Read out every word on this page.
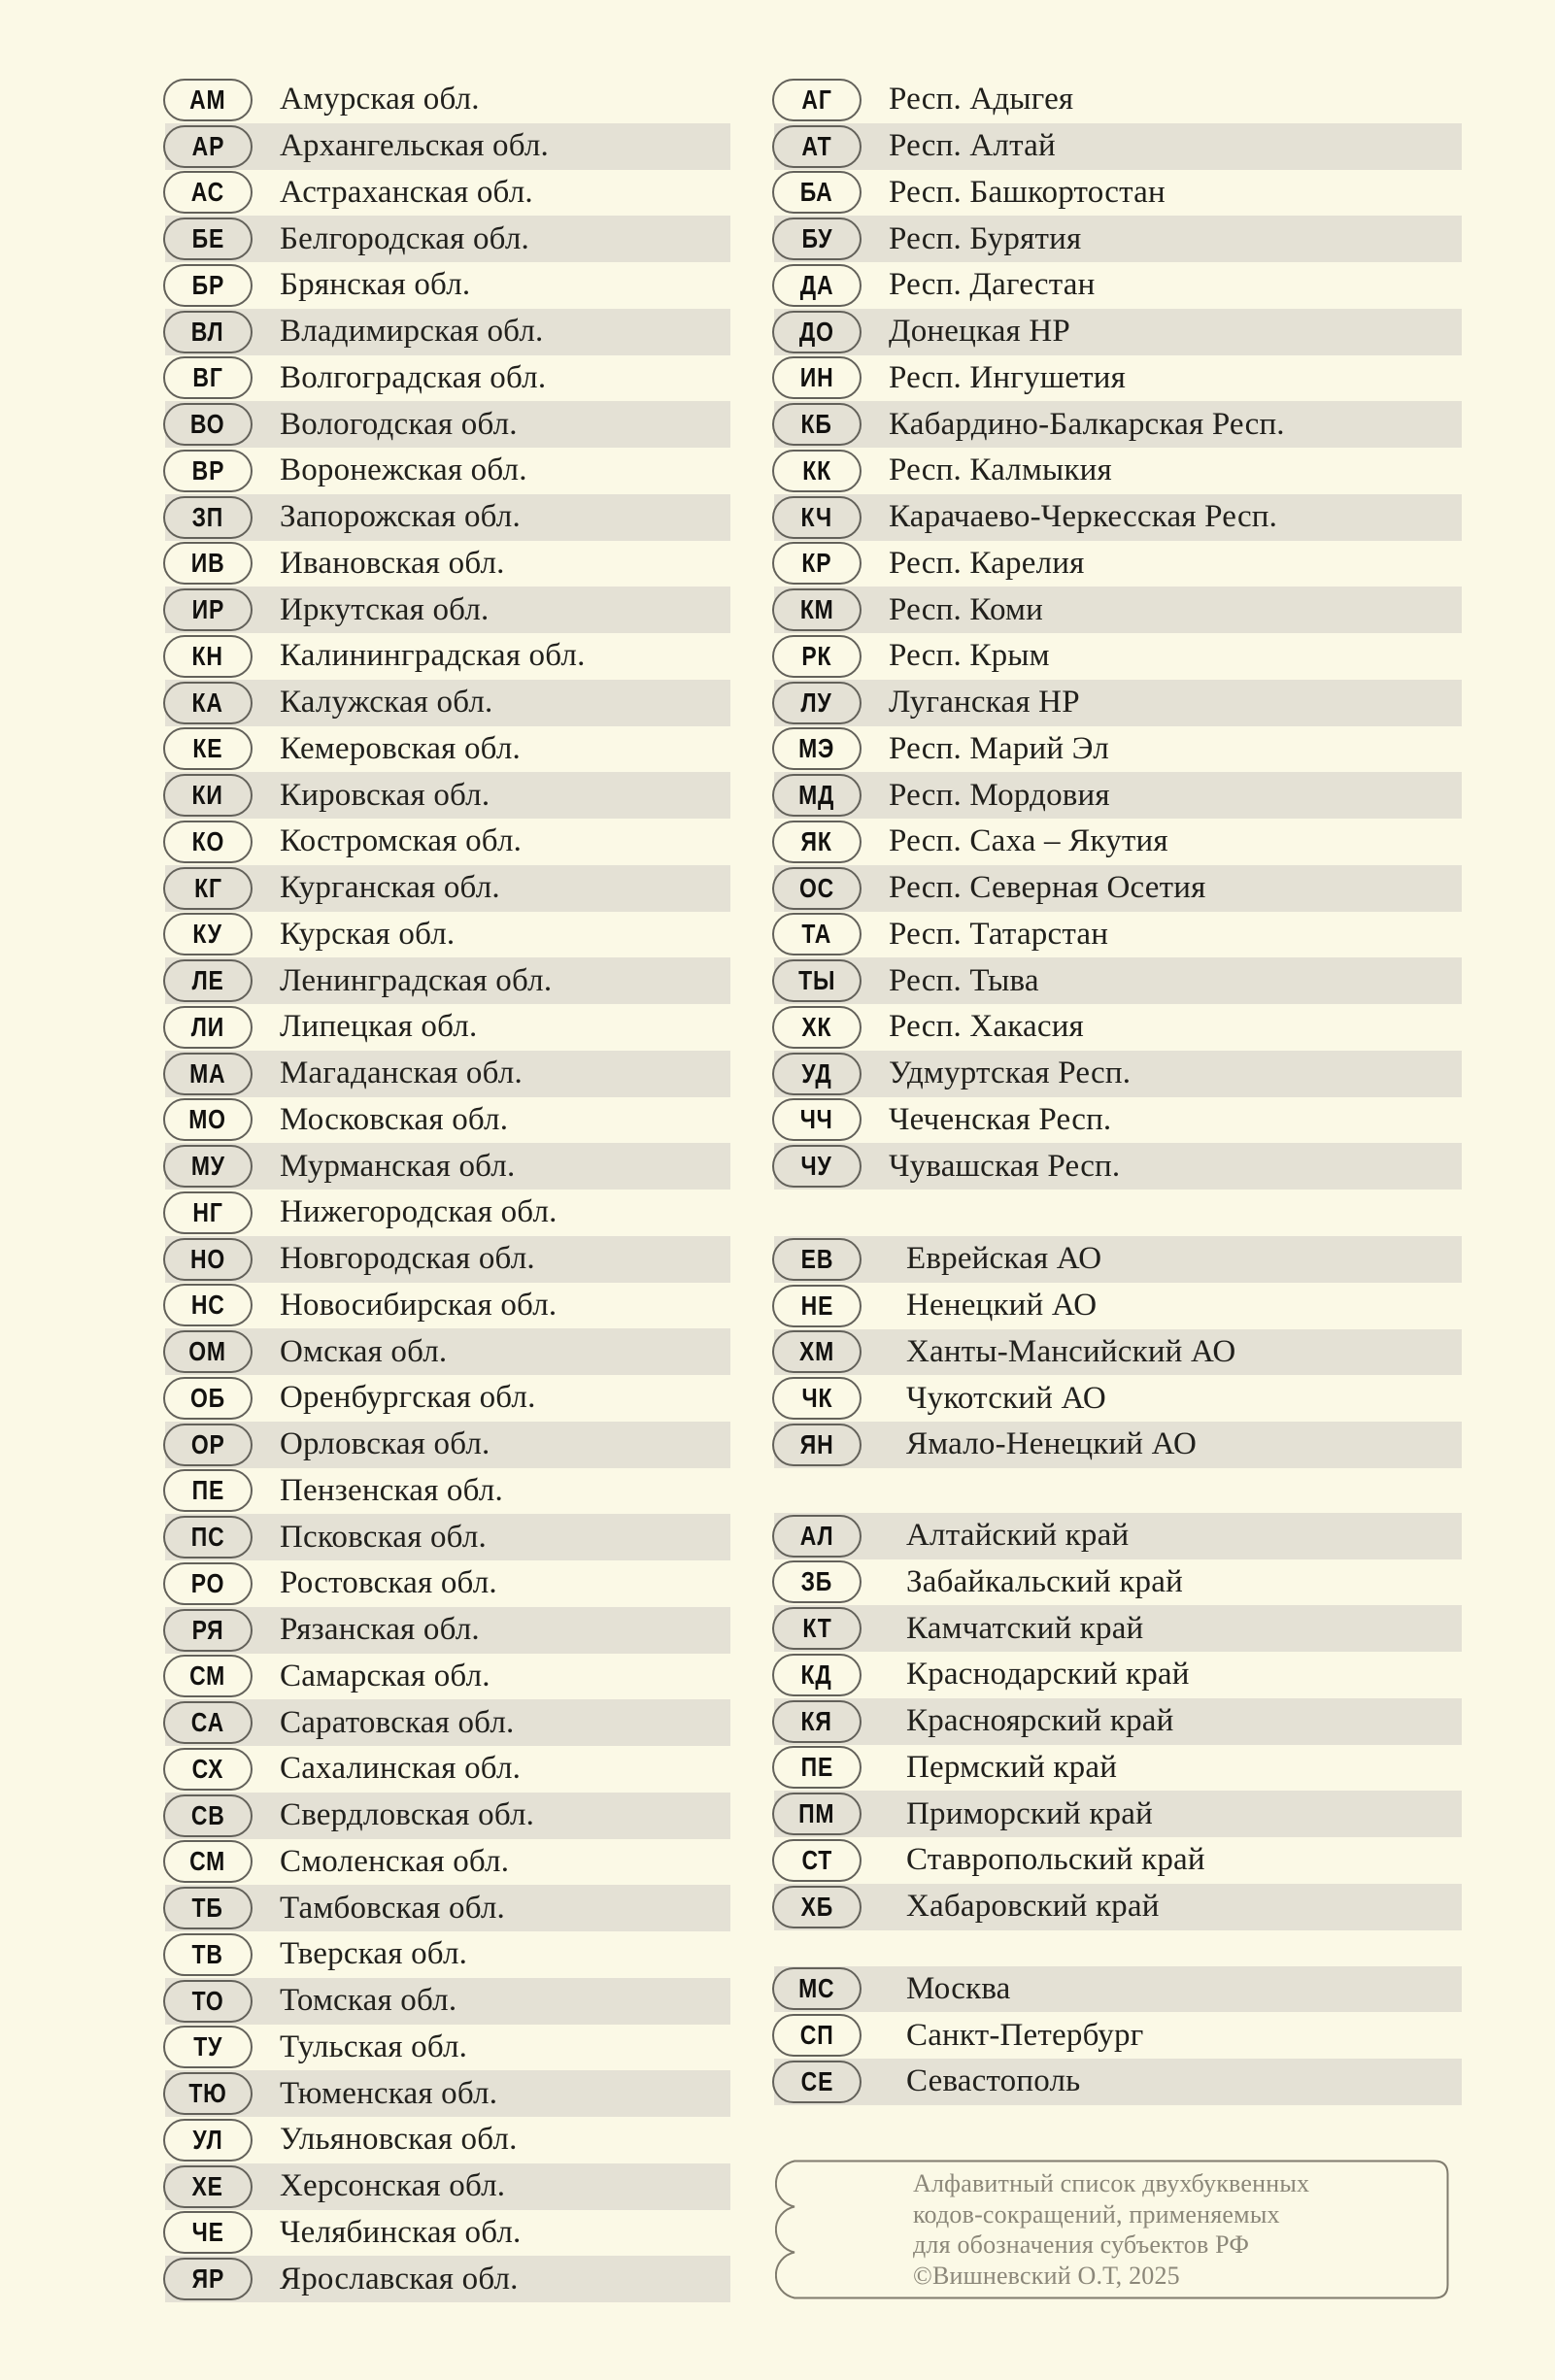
АМ Амурская обл.
АР Архангельская обл.
АС Астраханская обл.
БЕ Белгородская обл.
БР Брянская обл.
ВЛ Владимирская обл.
ВГ Волгоградская обл.
ВО Вологодская обл.
ВР Воронежская обл.
ЗП Запорожская обл.
ИВ Ивановская обл.
ИР Иркутская обл.
КН Калининградская обл.
КА Калужская обл.
КЕ Кемеровская обл.
КИ Кировская обл.
КО Костромская обл.
КГ Курганская обл.
КУ Курская обл.
ЛЕ Ленинградская обл.
ЛИ Липецкая обл.
МА Магаданская обл.
МО Московская обл.
МУ Мурманская обл.
НГ Нижегородская обл.
НО Новгородская обл.
НС Новосибирская обл.
ОМ Омская обл.
ОБ Оренбургская обл.
ОР Орловская обл.
ПЕ Пензенская обл.
ПС Псковская обл.
РО Ростовская обл.
РЯ Рязанская обл.
СМ Самарская обл.
СА Саратовская обл.
СХ Сахалинская обл.
СВ Свердловская обл.
СМ Смоленская обл.
ТБ Тамбовская обл.
ТВ Тверская обл.
ТО Томская обл.
ТУ Тульская обл.
ТЮ Тюменская обл.
УЛ Ульяновская обл.
ХЕ Херсонская обл.
ЧЕ Челябинская обл.
ЯР Ярославская обл.
АГ Респ. Адыгея
АТ Респ. Алтай
БА Респ. Башкортостан
БУ Респ. Бурятия
ДА Респ. Дагестан
ДО Донецкая НР
ИН Респ. Ингушетия
КБ Кабардино-Балкарская Респ.
КК Респ. Калмыкия
КЧ Карачаево-Черкесская Респ.
КР Респ. Карелия
КМ Респ. Коми
РК Респ. Крым
ЛУ Луганская НР
МЭ Респ. Марий Эл
МД Респ. Мордовия
ЯК Респ. Саха – Якутия
ОС Респ. Северная Осетия
ТА Респ. Татарстан
ТЫ Респ. Тыва
ХК Респ. Хакасия
УД Удмуртская Респ.
ЧЧ Чеченская Респ.
ЧУ Чувашская Респ.
ЕВ Еврейская АО
НЕ Ненецкий АО
ХМ Ханты-Мансийский АО
ЧК Чукотский АО
ЯН Ямало-Ненецкий АО
АЛ Алтайский край
ЗБ Забайкальский край
КТ Камчатский край
КД Краснодарский край
КЯ Красноярский край
ПЕ Пермский край
ПМ Приморский край
СТ Ставропольский край
ХБ Хабаровский край
МС Москва
СП Санкт-Петербург
СЕ Севастополь
Алфавитный список двухбуквенных
кодов-сокращений, применяемых
для обозначения субъектов РФ
©Вишневский О.Т, 2025
